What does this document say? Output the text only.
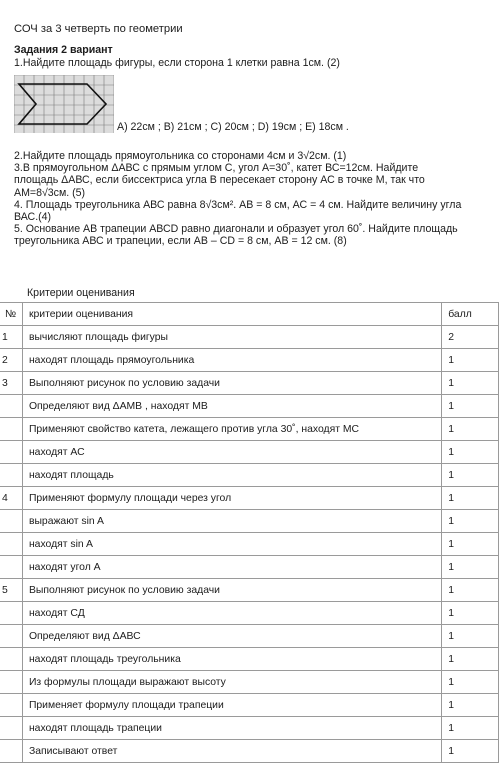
СОЧ за 3 четверть по геометрии
Задания 2 вариант
1.Найдите площадь фигуры, если сторона 1 клетки равна 1см. (2)
А) 22см ; В) 21см ; С) 20см ; D) 19см ; E) 18см .

2.Найдите площадь прямоугольника со сторонами 4см и 3√2см. (1)

3.В прямоугольном ΔАВС с прямым углом С, угол А=30˚, катет ВС=12см. Найдите

площадь ΔАВС, если биссектриса угла В пересекает сторону АС в точке М, так что

АМ=8√3см. (5)

4. Площадь треугольника АВС равна 8√3см². АВ = 8 см, АС = 4 см. Найдите величину угла

ВАС.(4)

5. Основание АВ трапеции АВСD равно диагонали и образует угол 60˚. Найдите площадь

треугольника АВС и трапеции, если АВ – СD = 8 см, АВ = 12 см. (8)

Критерии оценивания
№	критерии оценивания	балл
1	вычисляют площадь фигуры	2
2	находят площадь прямоугольника	1
3	Выполняют рисунок по условию задачи	1
	Определяют вид ΔАМВ , находят МВ	1
	Применяют свойство катета, лежащего против угла 30˚, находят МС	1
	находят АС	1
	находят площадь	1
4	Применяют формулу площади через угол	1
	выражают sin A	1
	находят sin A	1
	находят угол А	1
5	Выполняют рисунок по условию задачи	1
	находят СД	1
	Определяют вид ΔАВС	1
	находят площадь треугольника	1
	Из формулы площади выражают высоту	1
	Применяет формулу площади трапеции	1
	находят площадь трапеции	1
	Записывают ответ	1
